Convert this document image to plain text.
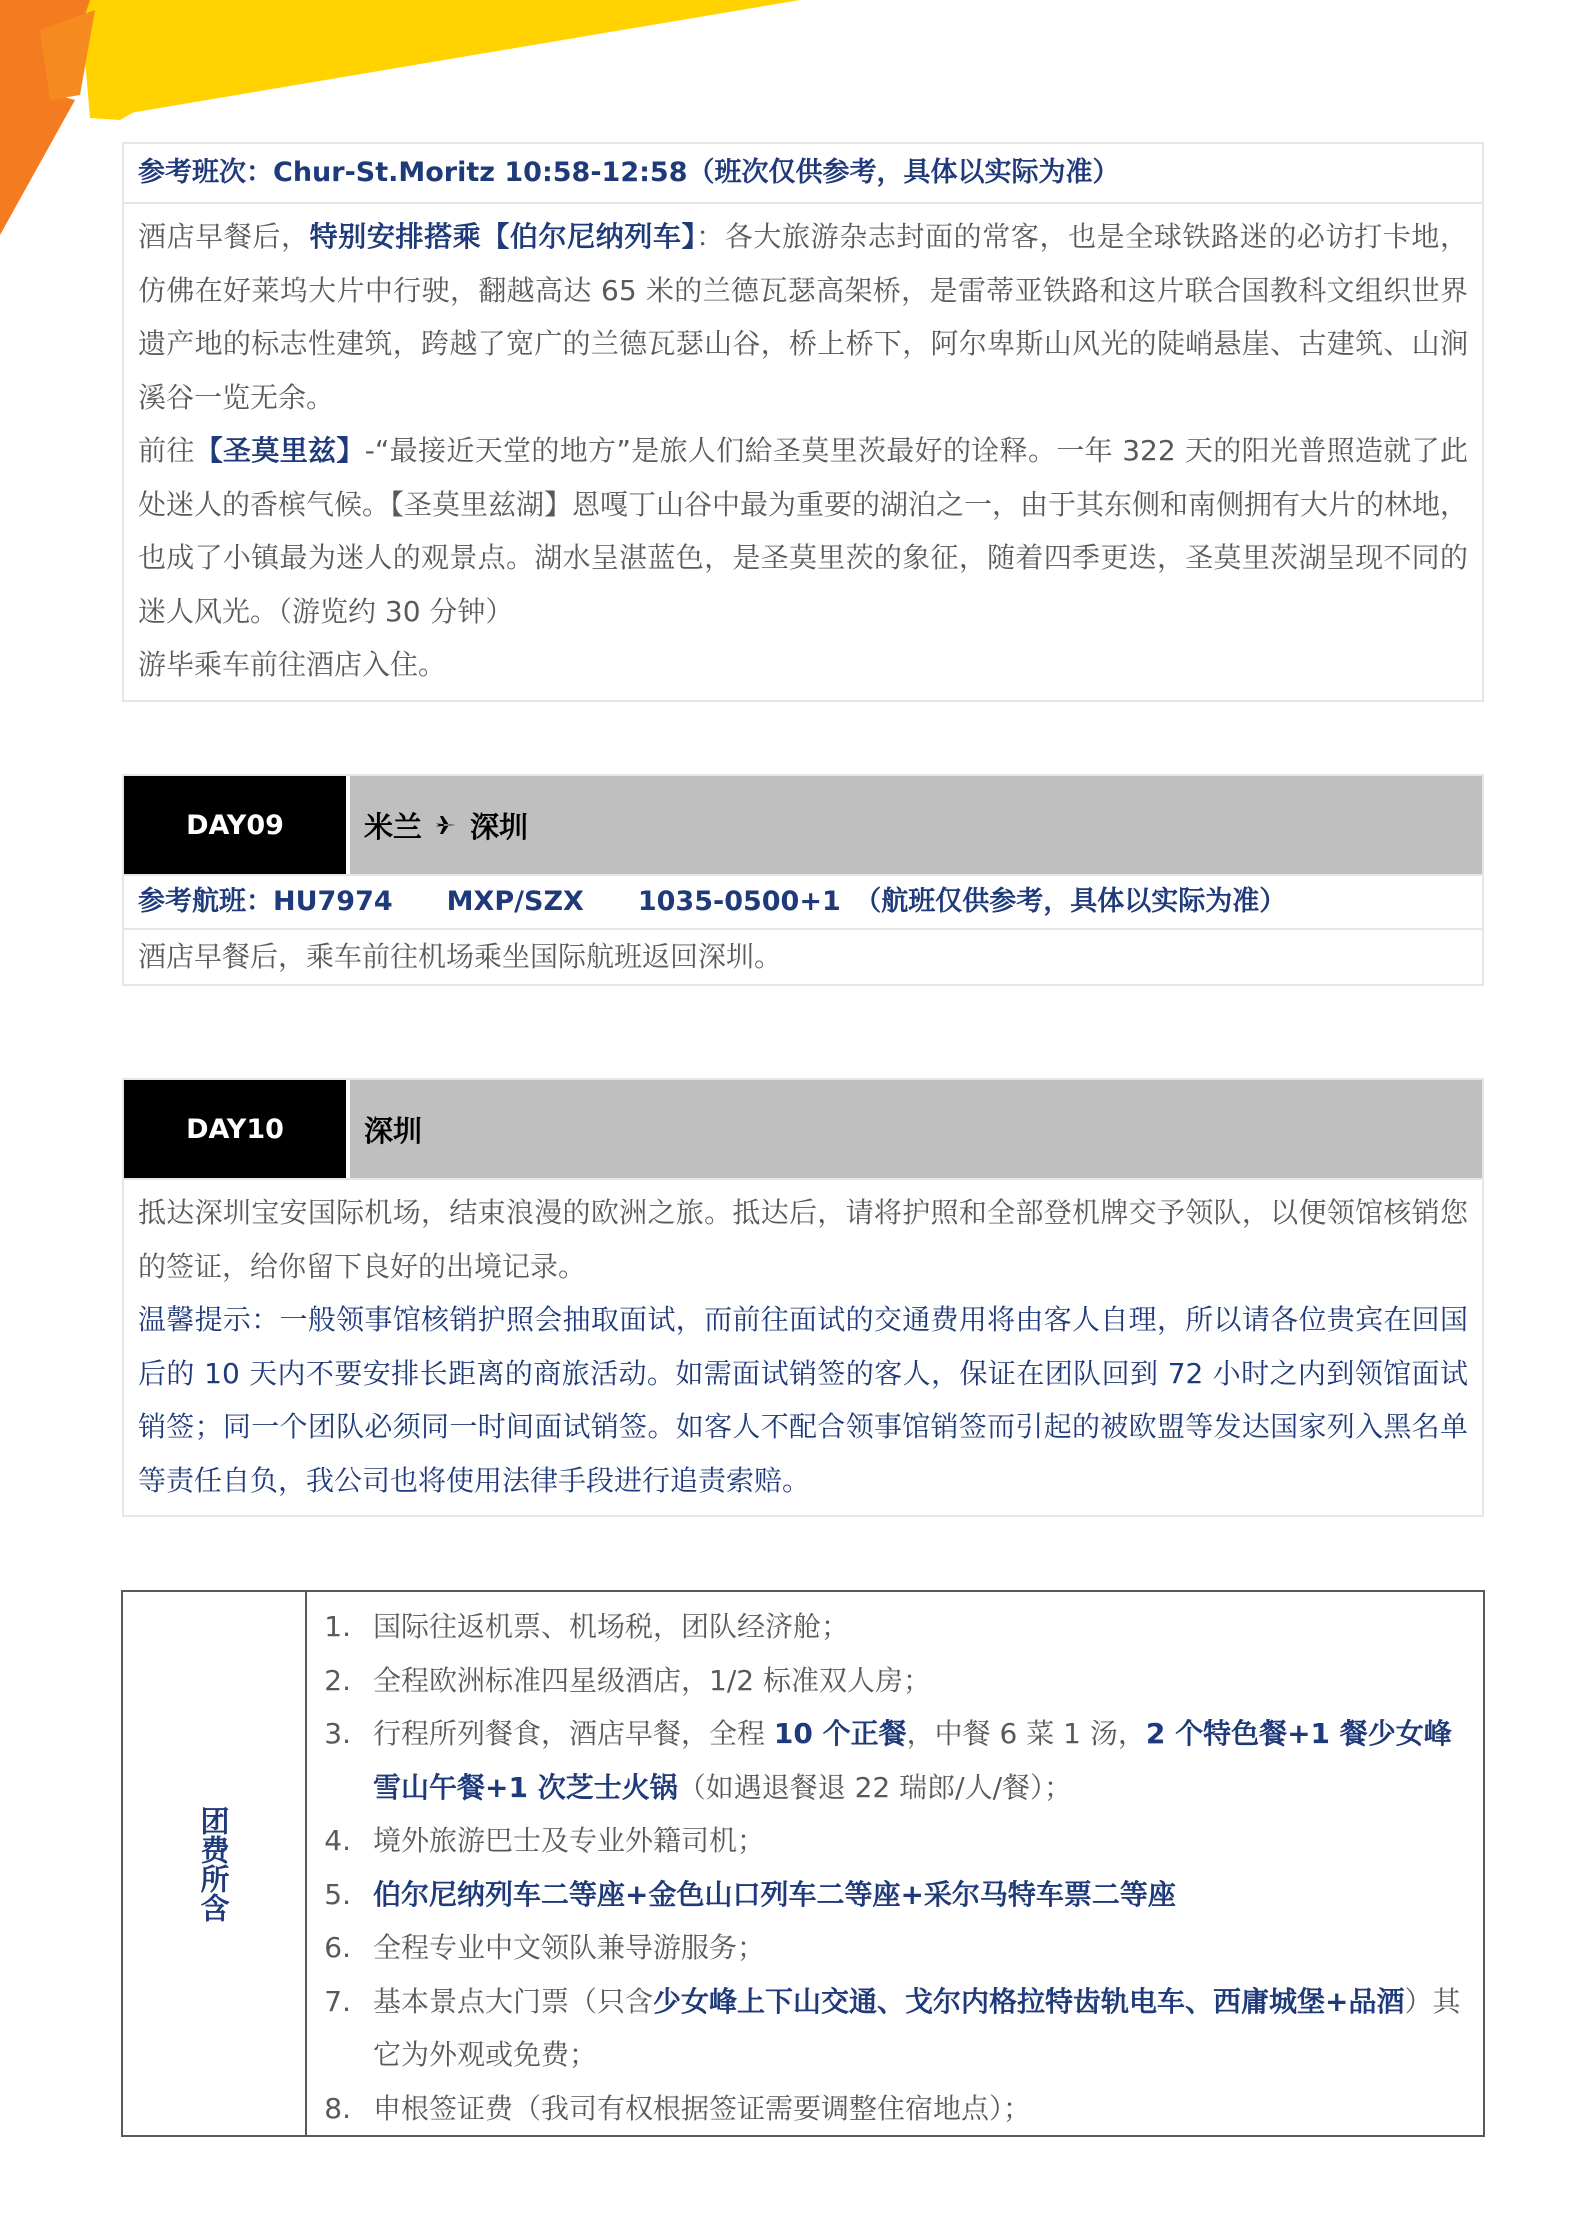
参考班次：Chur-St.Moritz 10:58-12:58（班次仅供参考，具体以实际为准）

酒店早餐后，特别安排搭乘【伯尔尼纳列车】：各大旅游杂志封面的常客，也是全球铁路迷的必访打卡地，仿佛在好莱坞大片中行驶，翻越高达 65 米的兰德瓦瑟高架桥，是雷蒂亚铁路和这片联合国教科文组织世界遗产地的标志性建筑，跨越了宽广的兰德瓦瑟山谷，桥上桥下，阿尔卑斯山风光的陡峭悬崖、古建筑、山涧溪谷一览无余。

前往【圣莫里兹】-“最接近天堂的地方”是旅人们給圣莫里茨最好的诠释。一年 322 天的阳光普照造就了此处迷人的香槟气候。【圣莫里兹湖】恩嘎丁山谷中最为重要的湖泊之一，由于其东侧和南侧拥有大片的林地，也成了小镇最为迷人的观景点。湖水呈湛蓝色，是圣莫里茨的象征，随着四季更迭，圣莫里茨湖呈现不同的迷人风光。（游览约 30 分钟）

游毕乘车前往酒店入住。

DAY09	米兰 深圳
参考航班：HU7974　　MXP/SZX　　1035-0500+1　（航班仅供参考，具体以实际为准）
酒店早餐后，乘车前往机场乘坐国际航班返回深圳。
DAY10	深圳

抵达深圳宝安国际机场，结束浪漫的欧洲之旅。抵达后，请将护照和全部登机牌交予领队，以便领馆核销您的签证，给你留下良好的出境记录。

温馨提示：一般领事馆核销护照会抽取面试，而前往面试的交通费用将由客人自理，所以请各位贵宾在回国后的 10 天内不要安排长距离的商旅活动。如需面试销签的客人，保证在团队回到 72 小时之内到领馆面试销签；同一个团队必须同一时间面试销签。如客人不配合领事馆销签而引起的被欧盟等发达国家列入黑名单等责任自负，我公司也将使用法律手段进行追责索赔。

团费所含
1. 国际往返机票、机场税，团队经济舱；
2. 全程欧洲标准四星级酒店，1/2 标准双人房；
3. 行程所列餐食，酒店早餐，全程 10 个正餐，中餐 6 菜 1 汤，2 个特色餐+1 餐少女峰雪山午餐+1 次芝士火锅（如遇退餐退 22 瑞郎/人/餐）；
4. 境外旅游巴士及专业外籍司机；
5. 伯尔尼纳列车二等座+金色山口列车二等座+采尔马特车票二等座
6. 全程专业中文领队兼导游服务；
7. 基本景点大门票（只含少女峰上下山交通、戈尔内格拉特齿轨电车、西庸城堡+品酒）其它为外观或免费；
8. 申根签证费（我司有权根据签证需要调整住宿地点）；
